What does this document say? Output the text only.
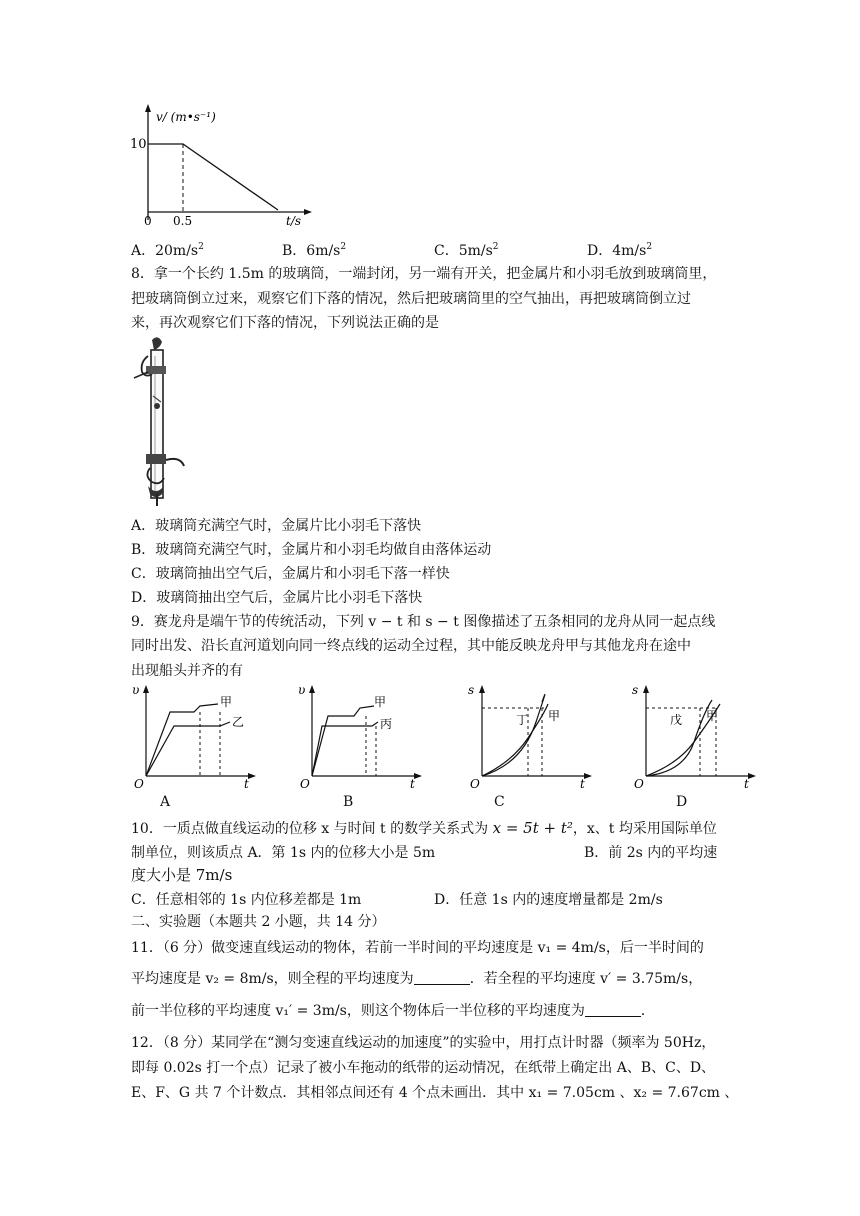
v/ (m•s⁻¹)
10
0 0.5	t/s
A．$20m/s^2$	B．$6m/s^2$	C．$5m/s^2$	D．$4m/s^2$
8．拿一个长约 1.5m 的玻璃筒，一端封闭，另一端有开关，把金属片和小羽毛放到玻璃筒里，
把玻璃筒倒立过来，观察它们下落的情况，然后把玻璃筒里的空气抽出，再把玻璃筒倒立过
来，再次观察它们下落的情况，下列说法正确的是
A．玻璃筒充满空气时，金属片比小羽毛下落快
B．玻璃筒充满空气时，金属片和小羽毛均做自由落体运动
C．玻璃筒抽出空气后，金属片和小羽毛下落一样快
D．玻璃筒抽出空气后，金属片比小羽毛下落快
9．赛龙舟是端午节的传统活动，下列 v − t 和 s − t 图像描述了五条相同的龙舟从同一起点线
同时出发、沿长直河道划向同一终点线的运动全过程，其中能反映龙舟甲与其他龙舟在途中
出现船头并齐的有
υ
O	t
甲
乙
υ
O	t
甲
丙
s
O	t
甲
丁
s
O	t
甲
戊
A	B	C	D
10．一质点做直线运动的位移 x 与时间 t 的数学关系式为 x = 5t + t²，x、t 均采用国际单位
制单位，则该质点 A．第 1s 内的位移大小是 5m	B．前 2s 内的平均速
度大小是 7m/s
C．任意相邻的 1s 内位移差都是 1m	D．任意 1s 内的速度增量都是 2m/s
二、实验题（本题共 2 小题，共 14 分）
11．（6 分）做变速直线运动的物体，若前一半时间的平均速度是 v₁ = 4m/s，后一半时间的
平均速度是 v₂ = 8m/s，则全程的平均速度为	．若全程的平均速度 v′ = 3.75m/s，
前一半位移的平均速度 v₁′ = 3m/s，则这个物体后一半位移的平均速度为	．
12．（8 分）某同学在“测匀变速直线运动的加速度”的实验中，用打点计时器（频率为 50Hz，
即每 0.02s 打一个点）记录了被小车拖动的纸带的运动情况，在纸带上确定出 A、B、C、D、
E、F、G 共 7 个计数点．其相邻点间还有 4 个点未画出．其中 x₁ = 7.05cm 、x₂ = 7.67cm 、
